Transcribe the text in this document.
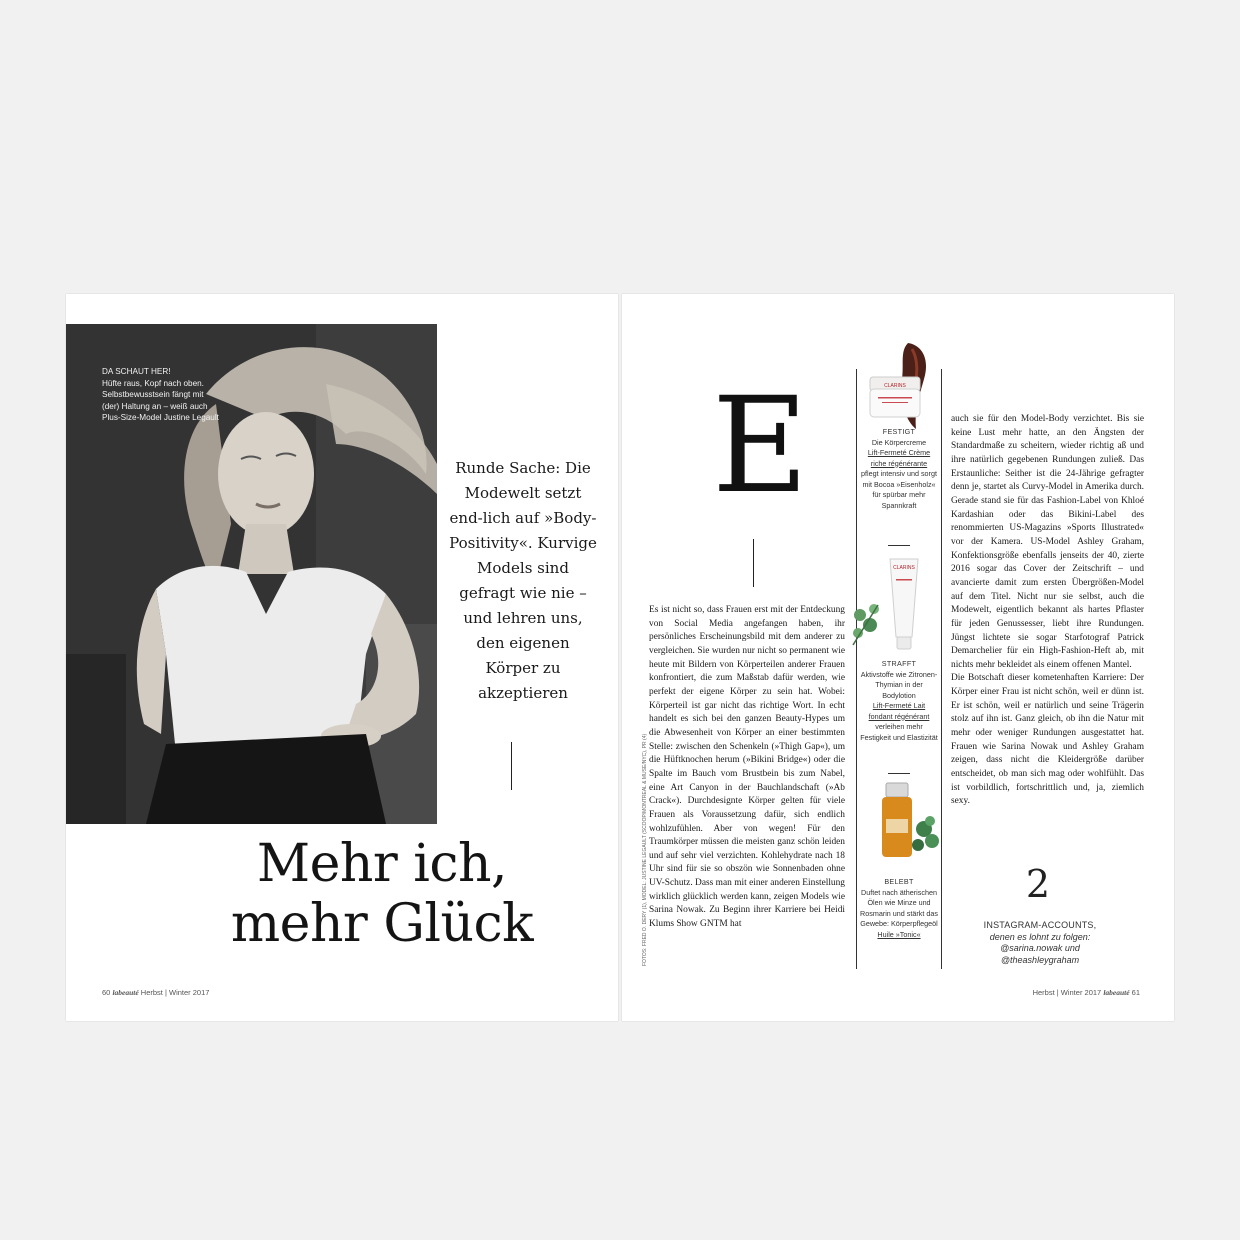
DA SCHAUT HER!
Hüfte raus, Kopf nach oben. Selbstbewusstsein fängt mit (der) Haltung an – weiß auch Plus-Size-Model Justine Legault
Runde Sache: Die Modewelt setzt end-lich auf »Body-Positivity«. Kurvige Models sind gefragt wie nie – und lehren uns, den eigenen Körper zu akzeptieren
Mehr ich,
mehr Glück
60 labeauté Herbst | Winter 2017
E
FOTOS: FRED O. DERY (1), MODEL: JUSTINE LEGAULT (SCOOP/MONTREAL & MUSE/NYC), PR (4)
Es ist nicht so, dass Frauen erst mit der Entdeckung von Social Media angefangen haben, ihr persönliches Erscheinungsbild mit dem anderer zu vergleichen. Sie wurden nur nicht so permanent wie heute mit Bildern von Körperteilen anderer Frauen konfrontiert, die zum Maßstab dafür werden, wie perfekt der eigene Körper zu sein hat. Wobei: Körperteil ist gar nicht das richtige Wort. In echt handelt es sich bei den ganzen Beauty-Hypes um die Abwesenheit von Körper an einer bestimmten Stelle: zwischen den Schenkeln (»Thigh Gap«), um die Hüftknochen herum (»Bikini Bridge«) oder die Spalte im Bauch vom Brustbein bis zum Nabel, eine Art Canyon in der Bauchlandschaft (»Ab Crack«). Durchdesignte Körper gelten für viele Frauen als Voraussetzung dafür, sich endlich wohlzufühlen. Aber von wegen! Für den Traumkörper müssen die meisten ganz schön leiden und auf sehr viel verzichten. Kohlehydrate nach 18 Uhr sind für sie so obszön wie Sonnenbaden ohne UV-Schutz. Dass man mit einer anderen Einstellung wirklich glücklich werden kann, zeigen Models wie Sarina Nowak. Zu Beginn ihrer Karriere bei Heidi Klums Show GNTM hat
CLARINS
FESTIGT
Die Körpercreme
Lift-Fermeté Crème riche régénérante
pflegt intensiv und sorgt mit Bocoa »Eisenholz« für spürbar mehr Spannkraft
CLARINS
STRAFFT
Aktivstoffe wie Zitronen-Thymian in der Bodylotion
Lift-Fermeté Lait fondant régénérant
verleihen mehr Festigkeit und Elastizität
BELEBT
Duftet nach ätherischen Ölen wie Minze und Rosmarin und stärkt das Gewebe: Körperpflegeöl
Huile »Tonic«
auch sie für den Model-Body verzichtet. Bis sie keine Lust mehr hatte, an den Ängsten der Standardmaße zu scheitern, wieder richtig aß und ihre natürlich gegebenen Rundungen zuließ. Das Erstaunliche: Seither ist die 24-Jährige gefragter denn je, startet als Curvy-Model in Amerika durch. Gerade stand sie für das Fashion-Label von Khloé Kardashian oder das Bikini-Label des renommierten US-Magazins »Sports Illustrated« vor der Kamera. US-Model Ashley Graham, Konfektionsgröße ebenfalls jenseits der 40, zierte 2016 sogar das Cover der Zeitschrift – und avancierte damit zum ersten Übergrößen-Model auf dem Titel. Nicht nur sie selbst, auch die Modewelt, eigentlich bekannt als hartes Pflaster für jeden Genussesser, liebt ihre Rundungen. Jüngst lichtete sie sogar Starfotograf Patrick Demarchelier für ein High-Fashion-Heft ab, mit nichts mehr bekleidet als einem offenen Mantel.
Die Botschaft dieser kometenhaften Karriere: Der Körper einer Frau ist nicht schön, weil er dünn ist. Er ist schön, weil er natürlich und seine Trägerin stolz auf ihn ist. Ganz gleich, ob ihn die Natur mit mehr oder weniger Rundungen ausgestattet hat. Frauen wie Sarina Nowak und Ashley Graham zeigen, dass nicht die Kleidergröße darüber entscheidet, ob man sich mag oder wohlfühlt. Das ist vorbildlich, fortschrittlich und, ja, ziemlich sexy.
2
INSTAGRAM-ACCOUNTS,
denen es lohnt zu folgen: @sarina.nowak und @theashleygraham
Herbst | Winter 2017 labeauté 61
